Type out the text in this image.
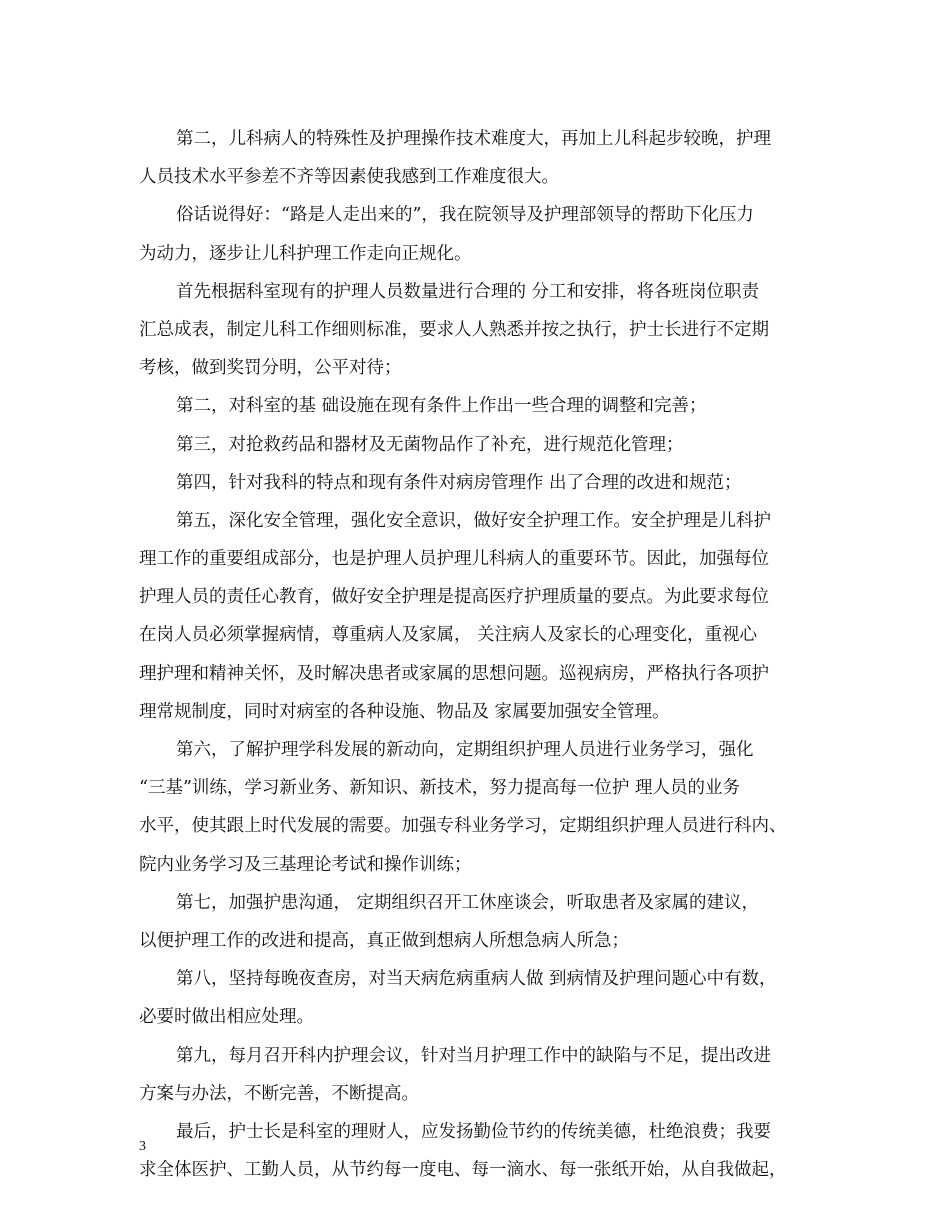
第二，儿科病人的特殊性及护理操作技术难度大，再加上儿科起步较晚，护理
人员技术水平参差不齐等因素使我感到工作难度很大。
俗话说得好：“路是人走出来的”，我在院领导及护理部领导的帮助下化压力
为动力，逐步让儿科护理工作走向正规化。
首先根据科室现有的护理人员数量进行合理的 分工和安排，将各班岗位职责
汇总成表，制定儿科工作细则标准，要求人人熟悉并按之执行，护士长进行不定期
考核，做到奖罚分明，公平对待；
第二，对科室的基 础设施在现有条件上作出一些合理的调整和完善；
第三，对抢救药品和器材及无菌物品作了补充，进行规范化管理；
第四，针对我科的特点和现有条件对病房管理作 出了合理的改进和规范；
第五，深化安全管理，强化安全意识，做好安全护理工作。安全护理是儿科护
理工作的重要组成部分，也是护理人员护理儿科病人的重要环节。因此，加强每位
护理人员的责任心教育，做好安全护理是提高医疗护理质量的要点。为此要求每位
在岗人员必须掌握病情，尊重病人及家属， 关注病人及家长的心理变化，重视心
理护理和精神关怀，及时解决患者或家属的思想问题。巡视病房，严格执行各项护
理常规制度，同时对病室的各种设施、物品及 家属要加强安全管理。
第六，了解护理学科发展的新动向，定期组织护理人员进行业务学习，强化
“三基”训练，学习新业务、新知识、新技术，努力提高每一位护 理人员的业务
水平，使其跟上时代发展的需要。加强专科业务学习，定期组织护理人员进行科内、
院内业务学习及三基理论考试和操作训练；
第七，加强护患沟通， 定期组织召开工休座谈会，听取患者及家属的建议，
以便护理工作的改进和提高，真正做到想病人所想急病人所急；
第八，坚持每晚夜查房，对当天病危病重病人做 到病情及护理问题心中有数，
必要时做出相应处理。
第九，每月召开科内护理会议，针对当月护理工作中的缺陷与不足，提出改进
方案与办法，不断完善，不断提高。
最后，护士长是科室的理财人，应发扬勤俭节约的传统美德，杜绝浪费；我要
求全体医护、工勤人员，从节约每一度电、每一滴水、每一张纸开始，从自我做起，
3
